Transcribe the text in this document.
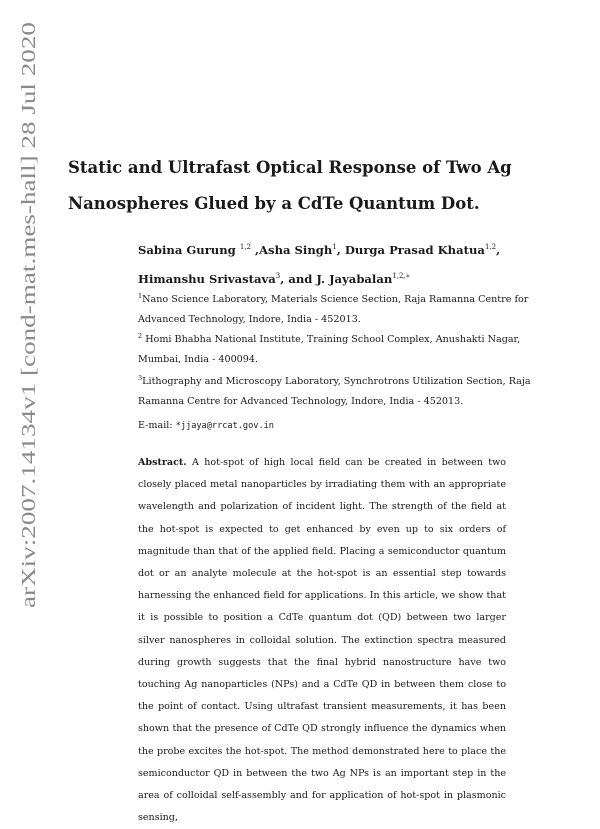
arXiv:2007.14134v1 [cond-mat.mes-hall] 28 Jul 2020
Static and Ultrafast Optical Response of Two Ag
Nanospheres Glued by a CdTe Quantum Dot.
Sabina Gurung $^{1,2}$ ,Asha Singh$^1$, Durga Prasad Khatua$^{1,2}$,
Himanshu Srivastava$^3$, and J. Jayabalan$^{1,2,∗}$
$^1$Nano Science Laboratory, Materials Science Section, Raja Ramanna Centre for
Advanced Technology, Indore, India - 452013.
$^2$ Homi Bhabha National Institute, Training School Complex, Anushakti Nagar,
Mumbai, India - 400094.
$^3$Lithography and Microscopy Laboratory, Synchrotrons Utilization Section, Raja
Ramanna Centre for Advanced Technology, Indore, India - 452013.
E-mail: *jjaya@rrcat.gov.in
Abstract. A hot-spot of high local field can be created in between two closely placed metal nanoparticles by irradiating them with an appropriate wavelength and polarization of incident light. The strength of the field at the hot-spot is expected to get enhanced by even up to six orders of magnitude than that of the applied field. Placing a semiconductor quantum dot or an analyte molecule at the hot-spot is an essential step towards harnessing the enhanced field for applications. In this article, we show that it is possible to position a CdTe quantum dot (QD) between two larger silver nanospheres in colloidal solution. The extinction spectra measured during growth suggests that the final hybrid nanostructure have two touching Ag nanoparticles (NPs) and a CdTe QD in between them close to the point of contact. Using ultrafast transient measurements, it has been shown that the presence of CdTe QD strongly influence the dynamics when the probe excites the hot-spot. The method demonstrated here to place the semiconductor QD in between the two Ag NPs is an important step in the area of colloidal self-assembly and for application of hot-spot in plasmonic sensing,
